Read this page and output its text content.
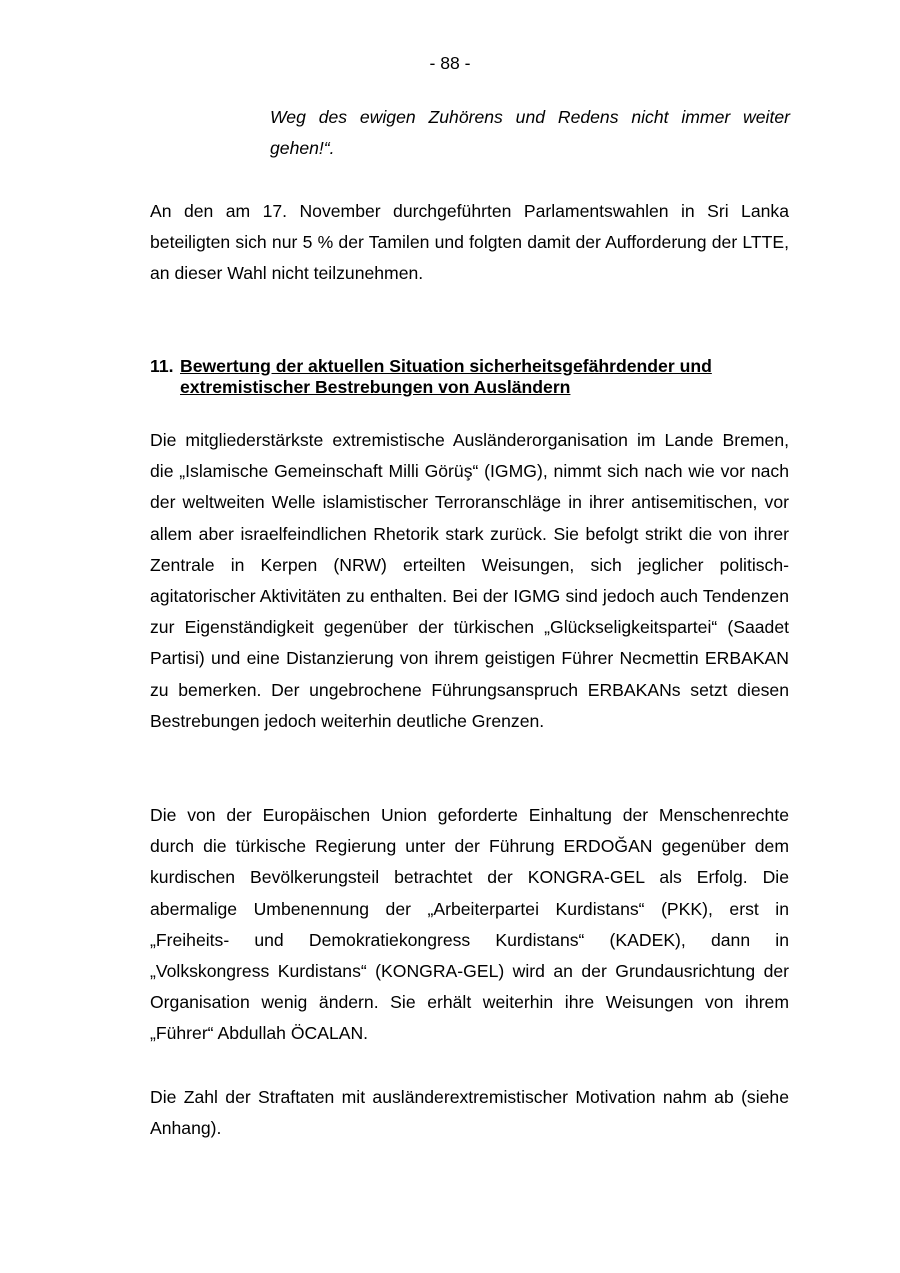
- 88 -
Weg des ewigen Zuhörens und Redens nicht immer weiter gehen!“.

An den am 17. November durchgeführten Parlamentswahlen in Sri Lanka beteiligten sich nur 5 % der Tamilen und folgten damit der Aufforderung der LTTE, an dieser Wahl nicht teilzunehmen.

11. Bewertung der aktuellen Situation sicherheitsgefährdender und extremistischer Bestrebungen von Ausländern

Die mitgliederstärkste extremistische Ausländerorganisation im Lande Bremen, die „Islamische Gemeinschaft Milli Görüş“ (IGMG), nimmt sich nach wie vor nach der weltweiten Welle islamistischer Terroranschläge in ihrer antisemitischen, vor allem aber israelfeindlichen Rhetorik stark zurück. Sie befolgt strikt die von ihrer Zentrale in Kerpen (NRW) erteilten Weisungen, sich jeglicher politisch-agitatorischer Aktivitäten zu enthalten. Bei der IGMG sind jedoch auch Tendenzen zur Eigenständigkeit gegenüber der türkischen „Glückseligkeitspartei“ (Saadet Partisi) und eine Distanzierung von ihrem geistigen Führer Necmettin ERBAKAN zu bemerken. Der ungebrochene Führungsanspruch ERBAKANs setzt diesen Bestrebungen jedoch weiterhin deutliche Grenzen.

Die von der Europäischen Union geforderte Einhaltung der Menschenrechte durch die türkische Regierung unter der Führung ERDOĞAN gegenüber dem kurdischen Bevölkerungsteil betrachtet der KONGRA-GEL als Erfolg. Die abermalige Umbenennung der „Arbeiterpartei Kurdistans“ (PKK), erst in „Freiheits- und Demokratiekongress Kurdistans“ (KADEK), dann in „Volkskongress Kurdistans“ (KONGRA-GEL) wird an der Grundausrichtung der Organisation wenig ändern. Sie erhält weiterhin ihre Weisungen von ihrem „Führer“ Abdullah ÖCALAN.

Die Zahl der Straftaten mit ausländerextremistischer Motivation nahm ab (siehe Anhang).
